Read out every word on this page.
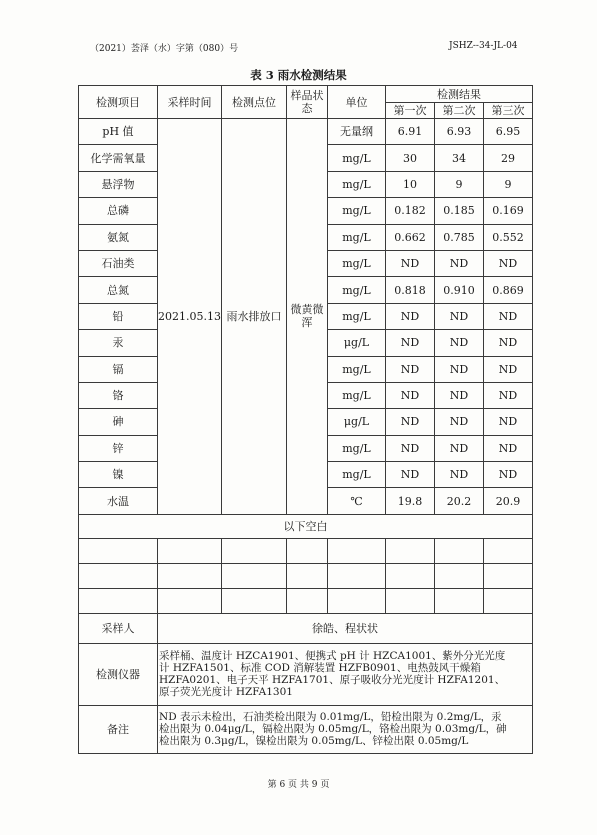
（2021）荟泽（水）字第（080）号	JSHZ--34-JL-04
表 3 雨水检测结果
检测项目	采样时间	检测点位	样品状态	单位	检测结果		
					第一次	第二次	第三次
pH 值	2021.05.13	雨水排放口	微黄微浑	无量纲	6.91	6.93	6.95
化学需氧量				mg/L	30	34	29
悬浮物				mg/L	10	9	9
总磷				mg/L	0.182	0.185	0.169
氨氮				mg/L	0.662	0.785	0.552
石油类				mg/L	ND	ND	ND
总氮				mg/L	0.818	0.910	0.869
铅				mg/L	ND	ND	ND
汞				μg/L	ND	ND	ND
镉				mg/L	ND	ND	ND
铬				mg/L	ND	ND	ND
砷				μg/L	ND	ND	ND
锌				mg/L	ND	ND	ND
镍				mg/L	ND	ND	ND
水温				℃	19.8	20.2	20.9
以下空白							

采样人	徐皓、程状状						
检测仪器	采样桶、温度计 HZCA1901、便携式 pH 计 HZCA1001、紫外分光光度
计 HZFA1501、标准 COD 消解装置 HZFB0901、电热鼓风干燥箱
HZFA0201、电子天平 HZFA1701、原子吸收分光光度计 HZFA1201、
原子荧光光度计 HZFA1301						

备注	ND 表示未检出，石油类检出限为 0.01mg/L，铅检出限为 0.2mg/L，汞
检出限为 0.04μg/L，镉检出限为 0.05mg/L，铬检出限为 0.03mg/L，砷
检出限为 0.3μg/L，镍检出限为 0.05mg/L、锌检出限 0.05mg/L						
第 6 页 共 9 页
